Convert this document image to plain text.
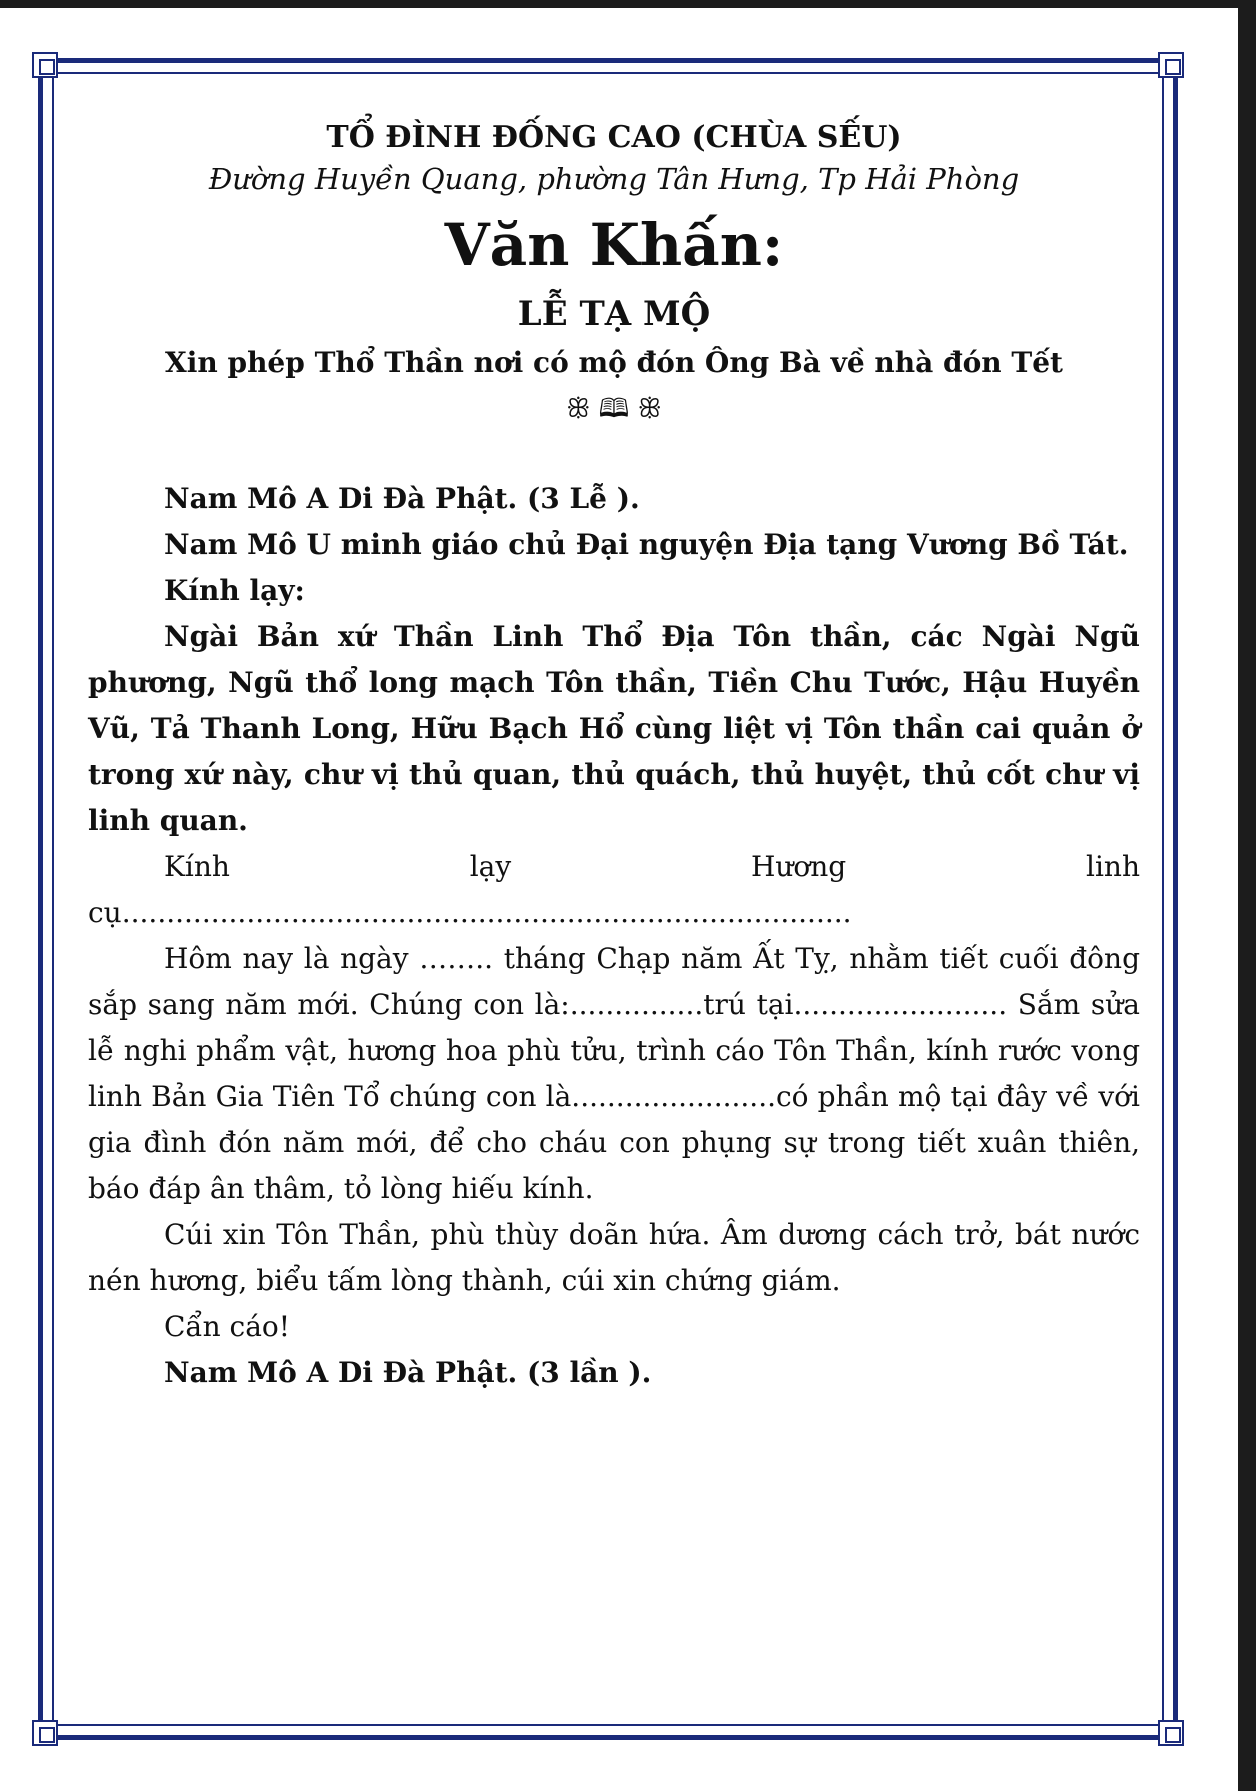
TỔ ĐÌNH ĐỐNG CAO (CHÙA SẾU)
Đường Huyền Quang, phường Tân Hưng, Tp Hải Phòng
Văn Khấn:
LỄ TẠ MỘ
Xin phép Thổ Thần nơi có mộ đón Ông Bà về nhà đón Tết
ꕥ 🕮 ꕥ
Nam Mô A Di Đà Phật. (3 Lễ ).
Nam Mô U minh giáo chủ Đại nguyện Địa tạng Vương Bồ Tát.
Kính lạy:
Ngài Bản xứ Thần Linh Thổ Địa Tôn thần, các Ngài Ngũ phương, Ngũ thổ long mạch Tôn thần, Tiền Chu Tước, Hậu Huyền Vũ, Tả Thanh Long, Hữu Bạch Hổ cùng liệt vị Tôn thần cai quản ở trong xứ này, chư vị thủ quan, thủ quách, thủ huyệt, thủ cốt chư vị linh quan.
Kính lạy Hương linh cụ..................................................................................
Hôm nay là ngày …….. tháng Chạp năm Ất Tỵ, nhằm tiết cuối đông sắp sang năm mới. Chúng con là:...............trú tại........................ Sắm sửa lễ nghi phẩm vật, hương hoa phù tửu, trình cáo Tôn Thần, kính rước vong linh Bản Gia Tiên Tổ chúng con là.......................có phần mộ tại đây về với gia đình đón năm mới, để cho cháu con phụng sự trong tiết xuân thiên, báo đáp ân thâm, tỏ lòng hiếu kính.
Cúi xin Tôn Thần, phù thùy doãn hứa. Âm dương cách trở, bát nước nén hương, biểu tấm lòng thành, cúi xin chứng giám.
Cẩn cáo!
Nam Mô A Di Đà Phật. (3 lần ).
